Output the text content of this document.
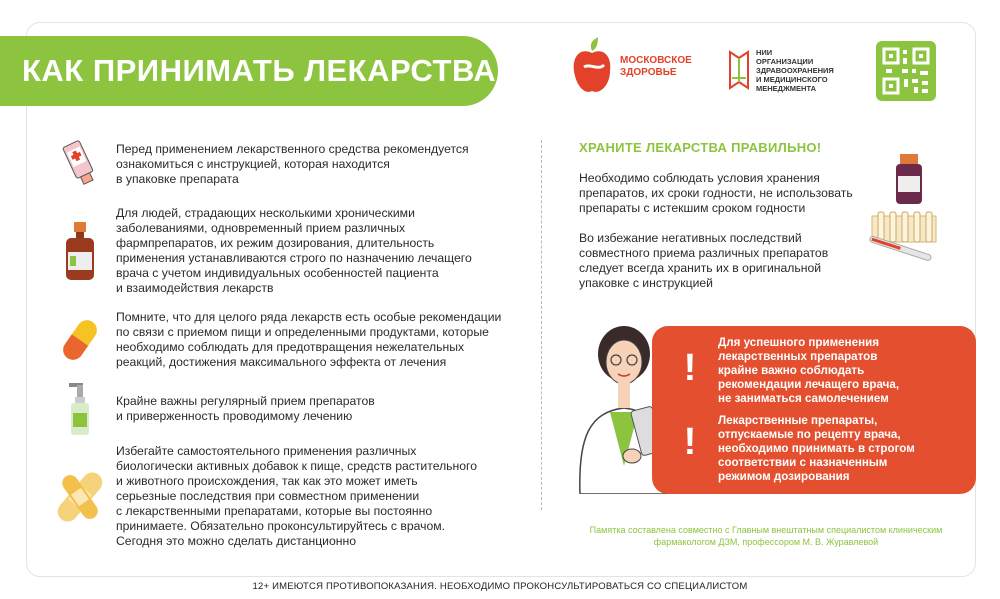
КАК ПРИНИМАТЬ ЛЕКАРСТВА	МОСКОВСКОЕ
ЗДОРОВЬЕ
НИИ
ОРГАНИЗАЦИИ
ЗДРАВООХРАНЕНИЯ
И МЕДИЦИНСКОГО
МЕНЕДЖМЕНТА

Перед применением лекарственного средства рекомендуется
ознакомиться с инструкцией, которая находится
в упаковке препарата

Для людей, страдающих несколькими хроническими
заболеваниями, одновременный прием различных
фармпрепаратов, их режим дозирования, длительность
применения устанавливаются строго по назначению лечащего
врача с учетом индивидуальных особенностей пациента
и взаимодействия лекарств

Помните, что для целого ряда лекарств есть особые рекомендации
по связи с приемом пищи и определенными продуктами, которые
необходимо соблюдать для предотвращения нежелательных
реакций, достижения максимального эффекта от лечения

Крайне важны регулярный прием препаратов
и приверженность проводимому лечению

Избегайте самостоятельного применения различных
биологически активных добавок к пище, средств растительного
и животного происхождения, так как это может иметь
серьезные последствия при совместном применении
с лекарственными препаратами, которые вы постоянно
принимаете. Обязательно проконсультируйтесь с врачом.
Сегодня это можно сделать дистанционно

ХРАНИТЕ ЛЕКАРСТВА ПРАВИЛЬНО!
Необходимо соблюдать условия хранения
препаратов, их сроки годности, не использовать
препараты с истекшим сроком годности
Во избежание негативных последствий
совместного приема различных препаратов
следует всегда хранить их в оригинальной
упаковке с инструкцией
!
Для успешного применения
лекарственных препаратов
крайне важно соблюдать
рекомендации лечащего врача,
не заниматься самолечением
!
Лекарственные препараты,
отпускаемые по рецепту врача,
необходимо принимать в строгом
соответствии с назначенным
режимом дозирования
Памятка составлена совместно с Главным внештатным специалистом клиническим
фармакологом ДЗМ, профессором М. В. Журавлевой
12+ ИМЕЮТСЯ ПРОТИВОПОКАЗАНИЯ. НЕОБХОДИМО ПРОКОНСУЛЬТИРОВАТЬСЯ СО СПЕЦИАЛИСТОМ
